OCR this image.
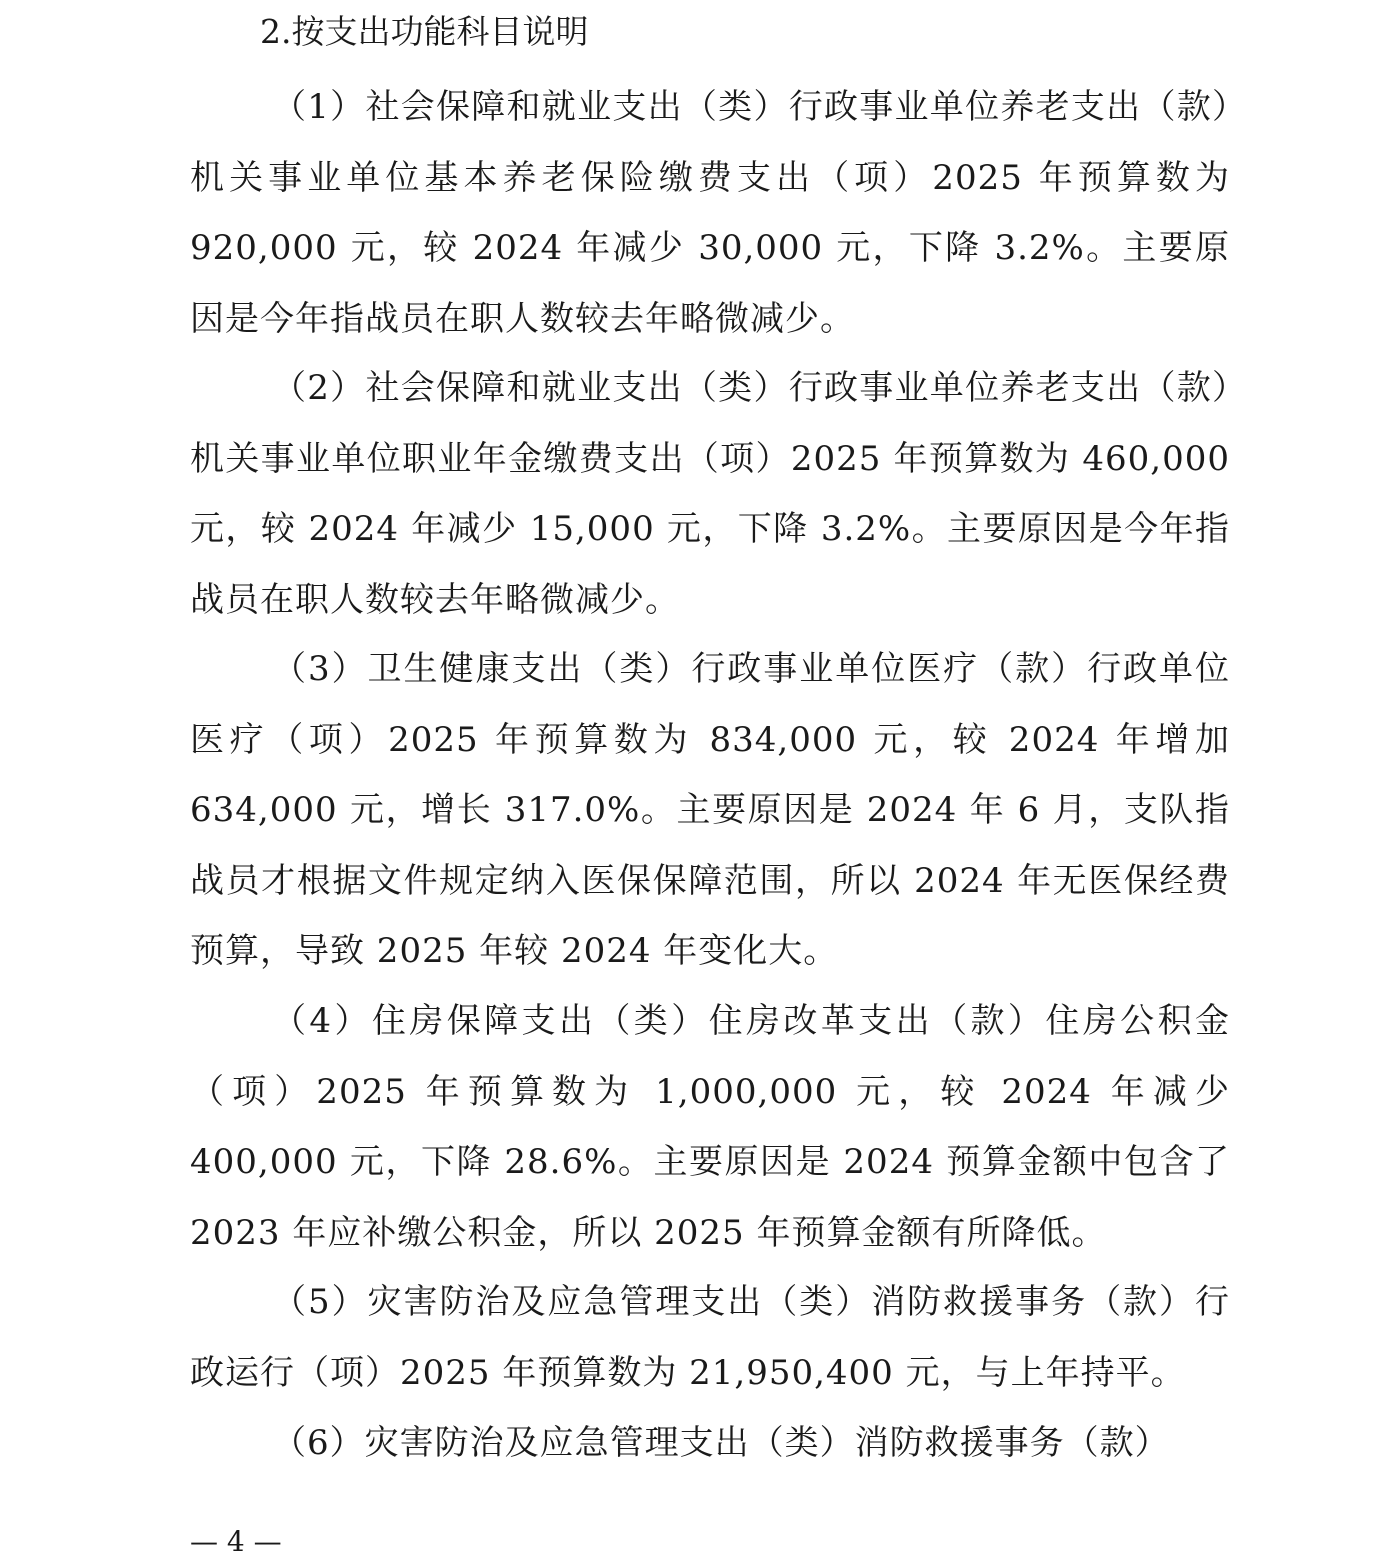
2.按支出功能科目说明

（1）社会保障和就业支出（类）行政事业单位养老支出（款）机关事业单位基本养老保险缴费支出（项）2025 年预算数为 920,000 元，较 2024 年减少 30,000 元，下降 3.2%。主要原因是今年指战员在职人数较去年略微减少。

（2）社会保障和就业支出（类）行政事业单位养老支出（款）机关事业单位职业年金缴费支出（项）2025 年预算数为 460,000 元，较 2024 年减少 15,000 元，下降 3.2%。主要原因是今年指战员在职人数较去年略微减少。

（3）卫生健康支出（类）行政事业单位医疗（款）行政单位医疗（项）2025 年预算数为 834,000 元，较 2024 年增加 634,000 元，增长 317.0%。主要原因是 2024 年 6 月，支队指战员才根据文件规定纳入医保保障范围，所以 2024 年无医保经费预算，导致 2025 年较 2024 年变化大。

（4）住房保障支出（类）住房改革支出（款）住房公积金（项）2025 年预算数为 1,000,000 元，较 2024 年减少 400,000 元，下降 28.6%。主要原因是 2024 预算金额中包含了 2023 年应补缴公积金，所以 2025 年预算金额有所降低。

（5）灾害防治及应急管理支出（类）消防救援事务（款）行政运行（项）2025 年预算数为 21,950,400 元，与上年持平。

（6）灾害防治及应急管理支出（类）消防救援事务（款）

— 4 —
